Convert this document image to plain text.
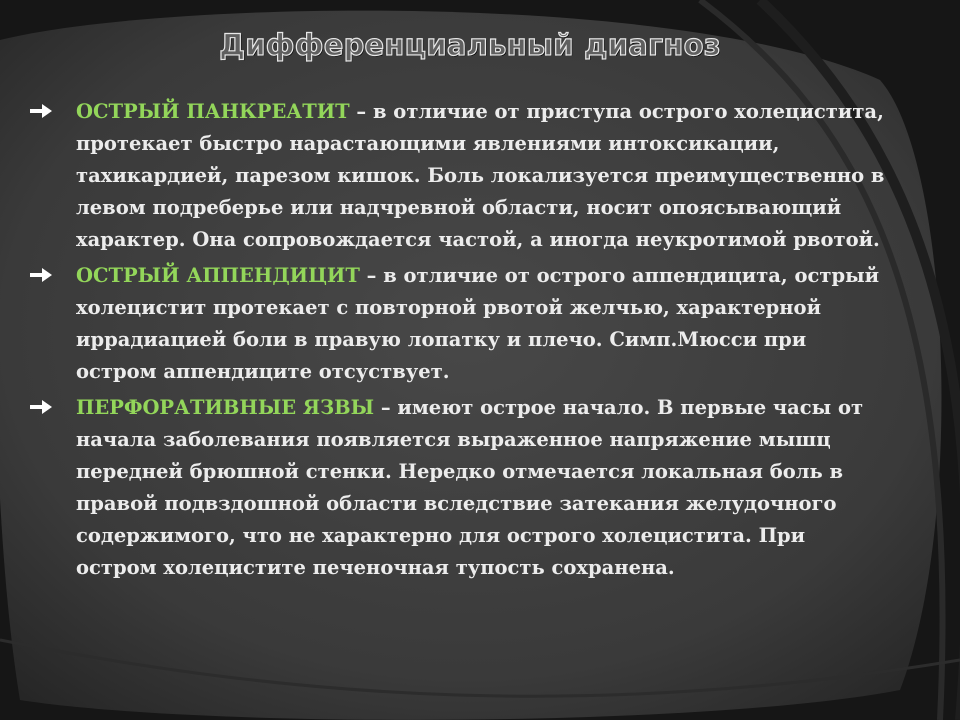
Дифференциальный диагноз
ОСТРЫЙ ПАНКРЕАТИТ – в отличие от приступа острого холецистита, протекает быстро нарастающими явлениями интоксикации, тахикардией, парезом кишок. Боль локализуется преимущественно в левом подреберье или надчревной области, носит опоясывающий характер. Она сопровождается частой, а иногда неукротимой рвотой.
ОСТРЫЙ АППЕНДИЦИТ – в отличие от острого аппендицита, острый холецистит протекает с повторной рвотой желчью, характерной иррадиацией боли в правую лопатку и плечо. Симп.Мюсси при остром аппендиците отсуствует.
ПЕРФОРАТИВНЫЕ ЯЗВЫ – имеют острое начало. В первые часы от начала заболевания появляется выраженное напряжение мышц передней брюшной стенки. Нередко отмечается локальная боль в правой подвздошной области вследствие затекания желудочного содержимого, что не характерно для острого холецистита. При остром холецистите печеночная тупость сохранена.
